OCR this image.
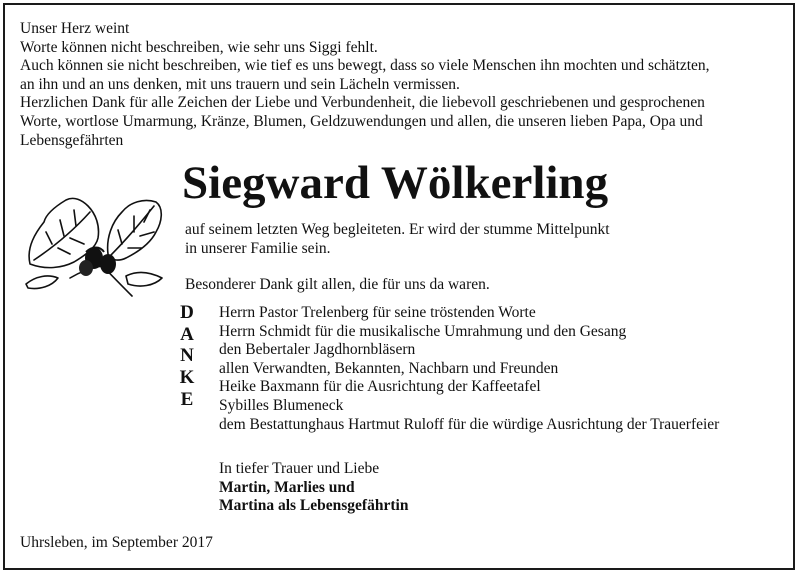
Unser Herz weint

Worte können nicht beschreiben, wie sehr uns Siggi fehlt.

Auch können sie nicht beschreiben, wie tief es uns bewegt, dass so viele Menschen ihn mochten und schätzten,

an ihn und an uns denken, mit uns trauern und sein Lächeln vermissen.

Herzlichen Dank für alle Zeichen der Liebe und Verbundenheit, die liebevoll geschriebenen und gesprochenen

Worte, wortlose Umarmung, Kränze, Blumen, Geldzuwendungen und allen, die unseren lieben Papa, Opa und

Lebensgefährten

Siegward Wölkerling
auf seinem letzten Weg begleiteten. Er wird der stumme Mittelpunkt
in unserer Familie sein.

Besonderer Dank gilt allen, die für uns da waren.

D
A
N
K
E
Herrn Pastor Trelenberg für seine tröstenden Worte
Herrn Schmidt für die musikalische Umrahmung und den Gesang
den Bebertaler Jagdhornbläsern
allen Verwandten, Bekannten, Nachbarn und Freunden
Heike Baxmann für die Ausrichtung der Kaffeetafel
Sybilles Blumeneck
dem Bestattunghaus Hartmut Ruloff für die würdige Ausrichtung der Trauerfeier

In tiefer Trauer und Liebe

Martin, Marlies und

Martina als Lebensgefährtin

Uhrsleben, im September 2017
